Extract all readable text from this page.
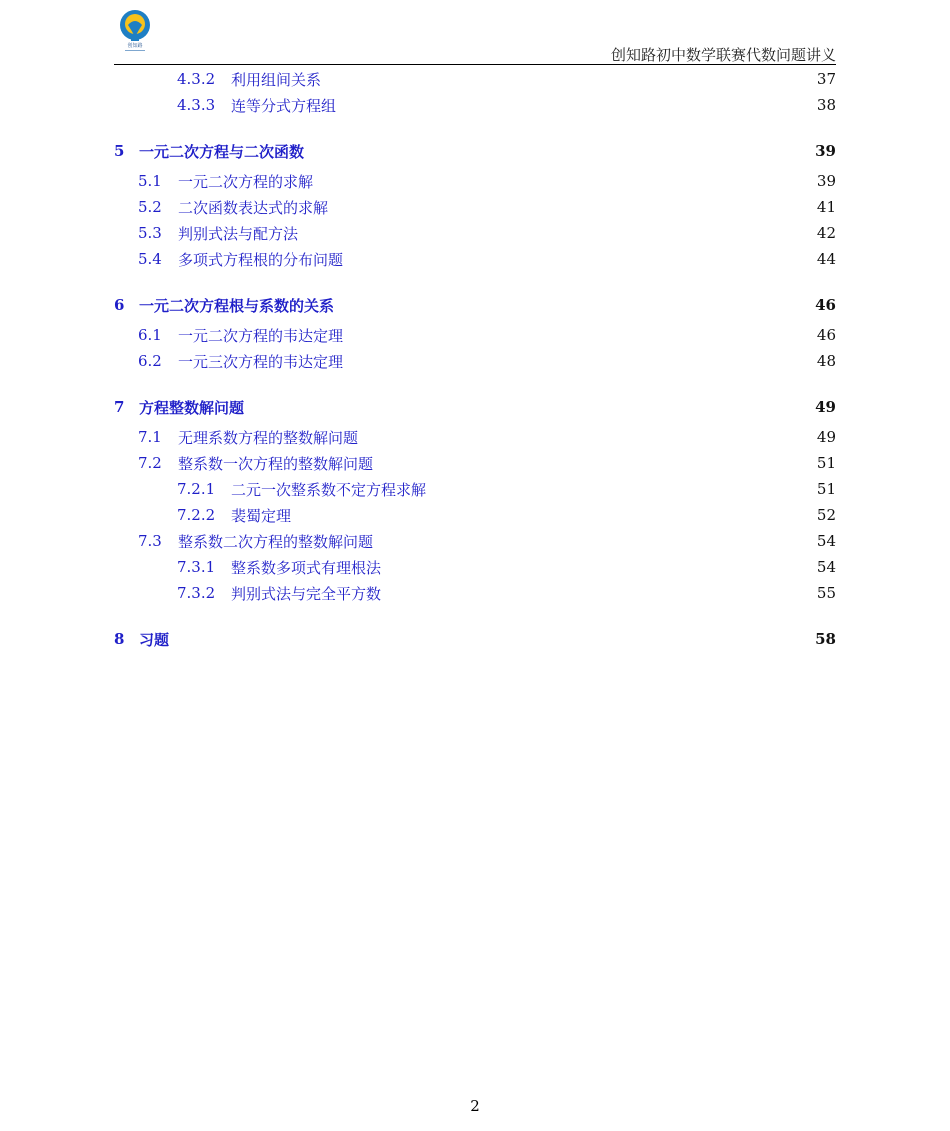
创知路	创知路初中数学联赛代数问题讲义
4.3.2	利用组间关系	37
4.3.3	连等分式方程组	38
5 一元二次方程与二次函数	39
5.1	一元二次方程的求解	39
5.2	二次函数表达式的求解	41
5.3	判别式法与配方法	42
5.4	多项式方程根的分布问题	44
6 一元二次方程根与系数的关系	46
6.1	一元二次方程的韦达定理	46
6.2	一元三次方程的韦达定理	48
7 方程整数解问题	49
7.1	无理系数方程的整数解问题	49
7.2	整系数一次方程的整数解问题	51
7.2.1	二元一次整系数不定方程求解	51
7.2.2	裴蜀定理	52
7.3	整系数二次方程的整数解问题	54
7.3.1	整系数多项式有理根法	54
7.3.2	判别式法与完全平方数	55
8 习题	58
2
